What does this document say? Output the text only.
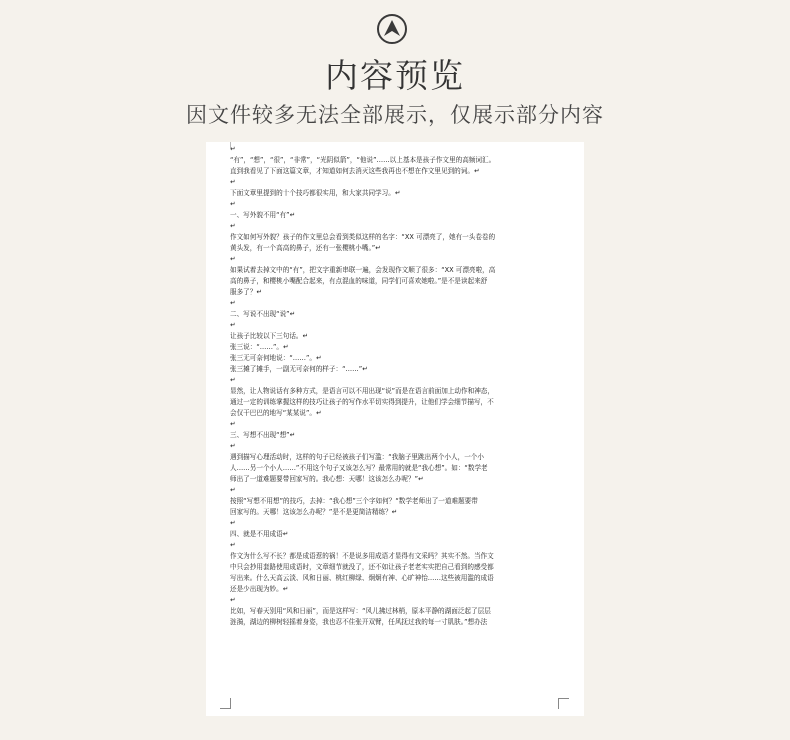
内容预览
因文件较多无法全部展示，仅展示部分内容
↵
“有”，“想”，“很”，“非常”，“光阴似箭”，“他说”……以上基本是孩子作文里的高频词汇。
直到我看见了下面这篇文章，才知道如何去消灭这些我再也不想在作文里见到的词。↵
↵
下面文章里提到的十个技巧都很实用，和大家共同学习。↵
↵
一、写外貌不用“有”↵
↵
作文如何写外貌？孩子的作文里总会看到类似这样的名字：“XX 可漂亮了，她有一头卷卷的
黄头发，有一个高高的鼻子，还有一张樱桃小嘴。”↵
↵
如果试着去掉文中的“有”，把文字重新串联一遍，会发现作文顺了很多：“XX 可漂亮啦，高
高的鼻子，和樱桃小嘴配合起来，有点混血的味道，同学们可喜欢她啦。”是不是读起来舒
服多了？↵
↵
二、写说不出现“说”↵
↵
让孩子比较以下三句话。↵
张三说：“……”。↵
张三无可奈何地说：“……”。↵
张三摊了摊手，一副无可奈何的样子：“……”↵
↵
显然，让人物说话有多种方式，是语言可以不用出现“说”而是在语言前面加上动作和神态，
通过一定的训练掌握这样的技巧让孩子的写作水平切实得到提升，让他们学会细节描写，不
会仅干巴巴的地写“某某说”。↵
↵
三、写想不出现“想”↵
↵
遇到描写心理活动时，这样的句子已经被孩子们写滥：“我脑子里跳出两个小人，一个小
人……另一个小人……”不用这个句子又该怎么写？最常用的就是“我心想”。如：“数学老
师出了一道难题要带回家写的。我心想：天哪！这该怎么办呢？”↵
↵
按照“写想不用想”的技巧，去掉：“我心想”三个字如何？“数学老师出了一道难题要带
回家写的。天哪！这该怎么办呢？”是不是更简洁精练？↵
↵
四、就是不用成语↵
↵
作文为什么写不长？都是成语惹的祸！不是说多用成语才显得有文采吗？其实不然。当作文
中只会抄用套路使用成语时，文章细节就没了，还不如让孩子老老实实把自己看到的感受都
写出来。什么天高云淡、风和日丽、桃红柳绿、炯炯有神、心旷神怡……这些被用滥的成语
还是少出现为妙。↵
↵
比如，写春天别用“风和日丽”，而是这样写：“风儿拂过林梢，原本平静的湖面泛起了层层
涟漪，湖边的柳树轻摇着身姿，我也忍不住张开双臂，任风抚过我的每一寸肌肤。”想办法
